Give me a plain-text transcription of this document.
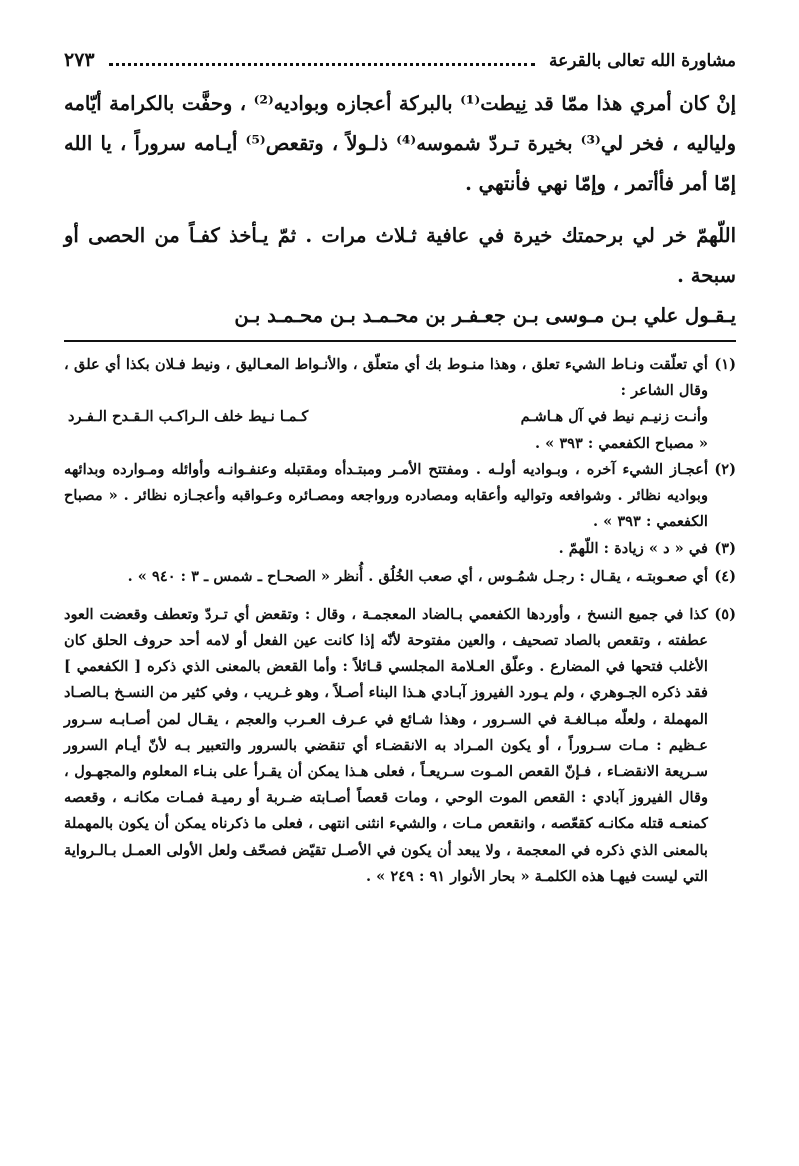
مشاورة الله تعالى بالقرعة
٢٧٣

إنْ كان أمري هذا ممّا قد نِيطت⁽¹⁾ بالبركة أعجازه وبواديه⁽²⁾ ، وحفَّت بالكرامة أيّامه ولياليه ، فخر لي⁽³⁾ بخيرة تـردّ شموسه⁽⁴⁾ ذلـولاً ، وتقعص⁽⁵⁾ أيـامه سروراً ، يا الله إمّا أمر فأأتمر ، وإمّا نهي فأنتهي .

اللّهمّ خر لي برحمتك خيرة في عافية ثـلاث مرات . ثمّ يـأخذ كفـاً من الحصى أو سبحة .

يـقـول علي بـن مـوسى بـن جعـفـر بن محـمـد بـن محـمـد بـن

(١)
أي تعلّقت ونـاط الشيء تعلق ، وهذا منـوط بك أي متعلّق ، والأنـواط المعـاليق ، ونيط فـلان بكذا أي علق ، وقال الشاعر :
وأنـت زنيـم نيط في آل هـاشـم
كـمـا نـيط خلف الـراكـب الـقـدح الـفـرد
« مصباح الكفعمي : ٣٩٣ » .
(٢)
أعجـاز الشيء آخره ، وبـواديه أولـه . ومفتتح الأمـر ومبتـدأه ومقتبله وعنفـوانـه وأوائله ومـوارده وبدائهه وبواديه نظائر . وشوافعه وتواليه وأعقابه ومصادره ورواجعه ومصـائره وعـواقبه وأعجـازه نظائر . « مصباح الكفعمي : ٣٩٣ » .
(٣)
في « د » زيادة : اللّهمّ .
(٤)
أي صعـوبتـه ، يقـال : رجـل شمُـوس ، أي صعب الخُلُق . أُنظر « الصحـاح ـ شمس ـ ٣ : ٩٤٠ » .
(٥)
كذا في جميع النسخ ، وأوردها الكفعمي بـالضاد المعجمـة ، وقال : وتقعض أي تـردّ وتعطف وقعضت العود عطفته ، وتقعص بالصاد تصحيف ، والعين مفتوحة لأنّه إذا كانت عين الفعل أو لامه أحد حروف الحلق كان الأغلب فتحها في المضارع . وعلّق العـلامة المجلسي قـائلاً : وأما القعض بالمعنى الذي ذكره [ الكفعمي ] فقد ذكره الجـوهري ، ولم يـورد الفيروز آبـادي هـذا البناء أصـلاً ، وهو غـريب ، وفي كثير من النسـخ بـالصـاد المهملة ، ولعلّه مبـالغـة في السـرور ، وهذا شـائع في عـرف العـرب والعجم ، يقـال لمن أصـابـه سـرور عـظيم : مـات سـروراً ، أو يكون المـراد به الانقضـاء أي تنقضي بالسرور والتعبير بـه لأنّ أيـام السرور سـريعة الانقضـاء ، فـإنّ القعص المـوت سـريعـاً ، فعلى هـذا يمكن أن يقـرأ على بنـاء المعلوم والمجهـول ، وقال الفيروز آبادي : القعص الموت الوحي ، ومات قعصاً أصـابته ضـربة أو رميـة فمـات مكانـه ، وقعصه كمنعـه قتله مكانـه كقعّصه ، وانقعص مـات ، والشيء انثنى انتهى ، فعلى ما ذكرناه يمكن أن يكون بالمهملة بالمعنى الذي ذكره في المعجمة ، ولا يبعد أن يكون في الأصـل تقيّض فصحّف ولعل الأولى العمـل بـالـرواية التي ليست فيهـا هذه الكلمـة « بحار الأنوار ٩١ : ٢٤٩ » .
